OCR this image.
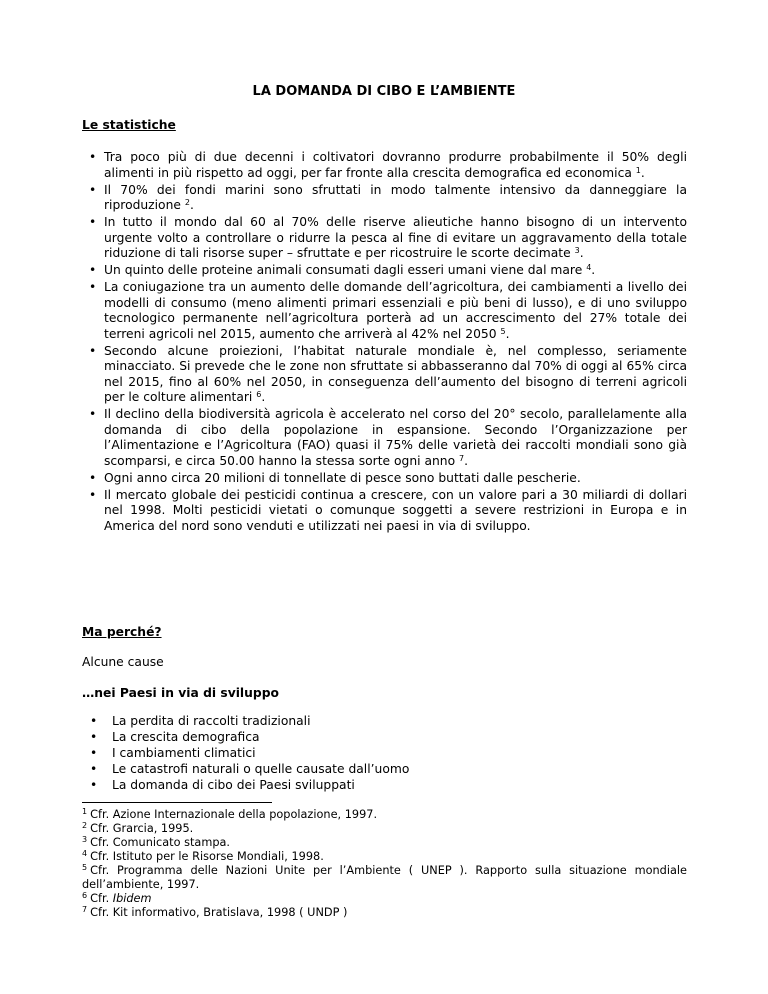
LA DOMANDA DI CIBO E L’AMBIENTE
Le statistiche
• Tra poco più di due decenni i coltivatori dovranno produrre probabilmente il 50% degli alimenti in più rispetto ad oggi, per far fronte alla crescita demografica ed economica $^1$.
• Il 70% dei fondi marini sono sfruttati in modo talmente intensivo da danneggiare la riproduzione $^2$.
• In tutto il mondo dal 60 al 70% delle riserve alieutiche hanno bisogno di un intervento urgente volto a controllare o ridurre la pesca al fine di evitare un aggravamento della totale riduzione di tali risorse super – sfruttate e per ricostruire le scorte decimate $^3$.
• Un quinto delle proteine animali consumati dagli esseri umani viene dal mare $^4$.
• La coniugazione tra un aumento delle domande dell’agricoltura, dei cambiamenti a livello dei modelli di consumo (meno alimenti primari essenziali e più beni di lusso), e di uno sviluppo tecnologico permanente nell’agricoltura porterà ad un accrescimento del 27% totale dei terreni agricoli nel 2015, aumento che arriverà al 42% nel 2050 $^5$.
• Secondo alcune proiezioni, l’habitat naturale mondiale è, nel complesso, seriamente minacciato. Si prevede che le zone non sfruttate si abbasseranno dal 70% di oggi al 65% circa nel 2015, fino al 60% nel 2050, in conseguenza dell’aumento del bisogno di terreni agricoli per le colture alimentari $^6$.
• Il declino della biodiversità agricola è accelerato nel corso del 20° secolo, parallelamente alla domanda di cibo della popolazione in espansione. Secondo l’Organizzazione per l’Alimentazione e l’Agricoltura (FAO) quasi il 75% delle varietà dei raccolti mondiali sono già scomparsi, e circa 50.00 hanno la stessa sorte ogni anno $^7$.
• Ogni anno circa 20 milioni di tonnellate di pesce sono buttati dalle pescherie.
• Il mercato globale dei pesticidi continua a crescere, con un valore pari a 30 miliardi di dollari nel 1998. Molti pesticidi vietati o comunque soggetti a severe restrizioni in Europa e in America del nord sono venduti e utilizzati nei paesi in via di sviluppo.
Ma perché?
Alcune cause
…nei Paesi in via di sviluppo
• La perdita di raccolti tradizionali
• La crescita demografica
• I cambiamenti climatici
• Le catastrofi naturali o quelle causate dall’uomo
• La domanda di cibo dei Paesi sviluppati
$^1$ Cfr. Azione Internazionale della popolazione, 1997.
$^2$ Cfr. Grarcia, 1995.
$^3$ Cfr. Comunicato stampa.
$^4$ Cfr. Istituto per le Risorse Mondiali, 1998.
$^5$ Cfr. Programma delle Nazioni Unite per l’Ambiente ( UNEP ). Rapporto sulla situazione mondiale dell’ambiente, 1997.
$^6$ Cfr. Ibidem
$^7$ Cfr. Kit informativo, Bratislava, 1998 ( UNDP )
